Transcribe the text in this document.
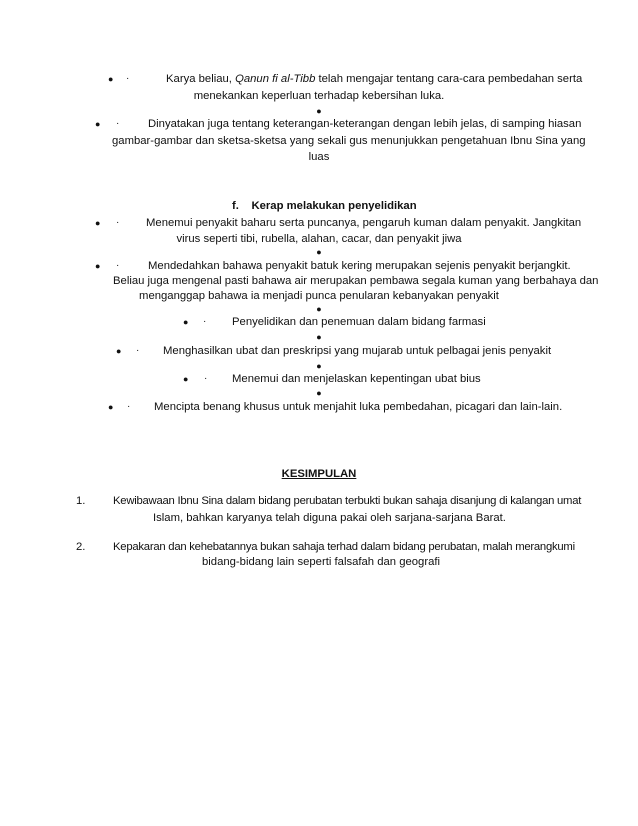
● ·	Karya beliau, Qanun fi al-Tibb telah mengajar tentang cara-cara pembedahan serta
menekankan keperluan terhadap kebersihan luka.
●
● ·	Dinyatakan juga tentang keterangan-keterangan dengan lebih jelas, di samping hiasan
gambar-gambar dan sketsa-sketsa yang sekali gus menunjukkan pengetahuan Ibnu Sina yang
luas
f. Kerap melakukan penyelidikan
● · Menemui penyakit baharu serta puncanya, pengaruh kuman dalam penyakit. Jangkitan
virus seperti tibi, rubella, alahan, cacar, dan penyakit jiwa
●
● ·	Mendedahkan bahawa penyakit batuk kering merupakan sejenis penyakit berjangkit.
Beliau juga mengenal pasti bahawa air merupakan pembawa segala kuman yang berbahaya dan
menganggap bahawa ia menjadi punca penularan kebanyakan penyakit
●
● · Penyelidikan dan penemuan dalam bidang farmasi
●
● · Menghasilkan ubat dan preskripsi yang mujarab untuk pelbagai jenis penyakit
●
● · Menemui dan menjelaskan kepentingan ubat bius
●
● · Mencipta benang khusus untuk menjahit luka pembedahan, picagari dan lain-lain.
KESIMPULAN
1. Kewibawaan Ibnu Sina dalam bidang perubatan terbukti bukan sahaja disanjung di kalangan umat
Islam, bahkan karyanya telah diguna pakai oleh sarjana-sarjana Barat.
2. Kepakaran dan kehebatannya bukan sahaja terhad dalam bidang perubatan, malah merangkumi
bidang-bidang lain seperti falsafah dan geografi
